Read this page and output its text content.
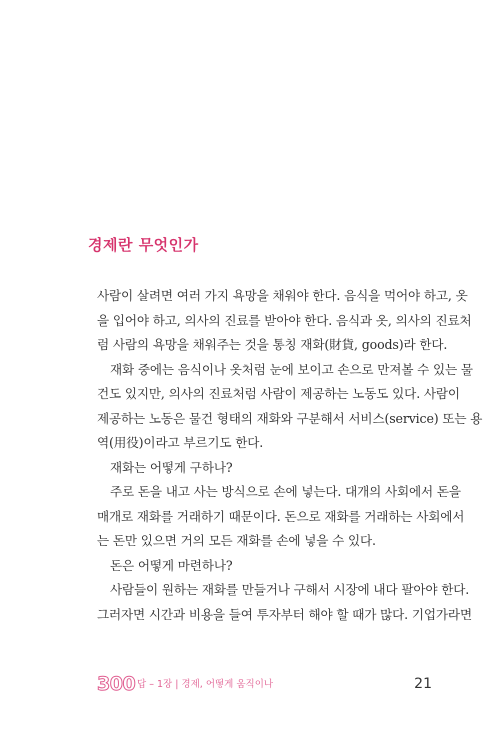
경제란 무엇인가
사람이 살려면 여러 가지 욕망을 채워야 한다. 음식을 먹어야 하고, 옷
을 입어야 하고, 의사의 진료를 받아야 한다. 음식과 옷, 의사의 진료처
럼 사람의 욕망을 채워주는 것을 통칭 재화(財貨, goods)라 한다.
재화 중에는 음식이나 옷처럼 눈에 보이고 손으로 만져볼 수 있는 물
건도 있지만, 의사의 진료처럼 사람이 제공하는 노동도 있다. 사람이
제공하는 노동은 물건 형태의 재화와 구분해서 서비스(service) 또는 용
역(用役)이라고 부르기도 한다.
재화는 어떻게 구하나?
주로 돈을 내고 사는 방식으로 손에 넣는다. 대개의 사회에서 돈을
매개로 재화를 거래하기 때문이다. 돈으로 재화를 거래하는 사회에서
는 돈만 있으면 거의 모든 재화를 손에 넣을 수 있다.
돈은 어떻게 마련하나?
사람들이 원하는 재화를 만들거나 구해서 시장에 내다 팔아야 한다.
그러자면 시간과 비용을 들여 투자부터 해야 할 때가 많다. 기업가라면
300 답 – 1장 | 경제, 어떻게 움직이나	21
